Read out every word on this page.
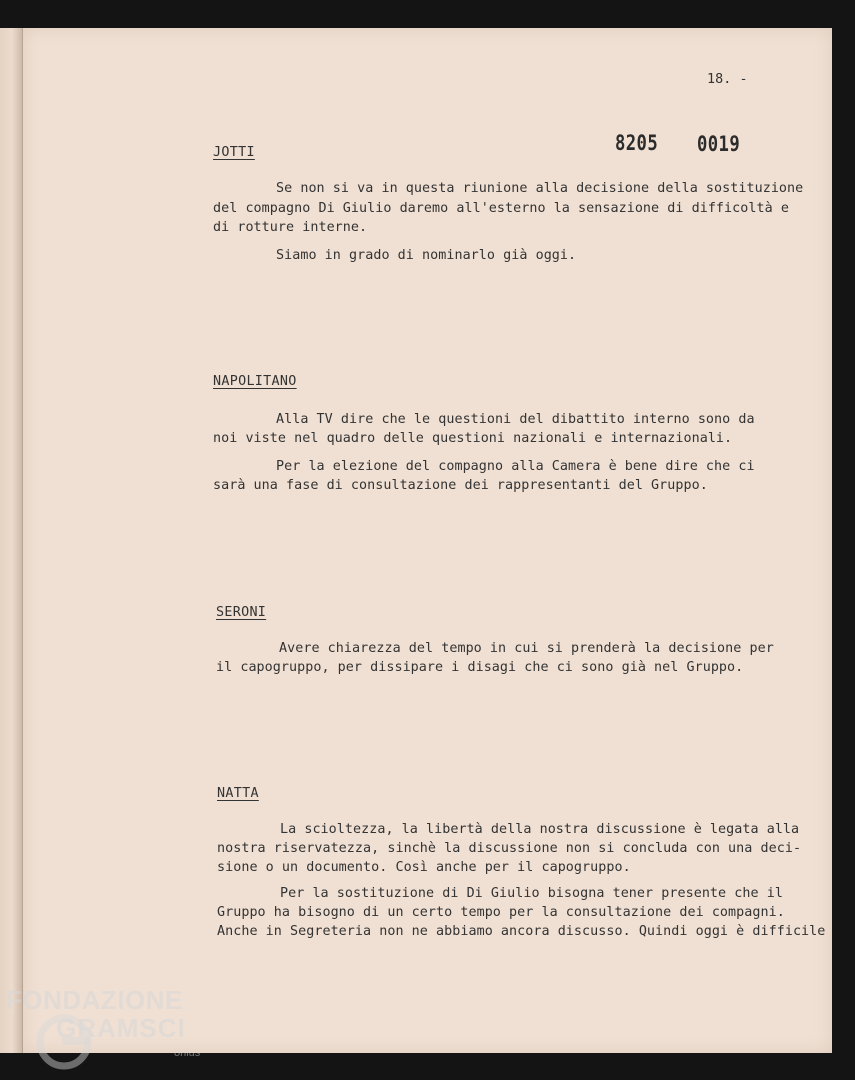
18. -
8205 0019
JOTTI
Se non si va in questa riunione alla decisione della sostituzione
del compagno Di Giulio daremo all'esterno la sensazione di difficoltà e
di rotture interne.
Siamo in grado di nominarlo già oggi.
NAPOLITANO
Alla TV dire che le questioni del dibattito interno sono da
noi viste nel quadro delle questioni nazionali e internazionali.
Per la elezione del compagno alla Camera è bene dire che ci
sarà una fase di consultazione dei rappresentanti del Gruppo.
SERONI
Avere chiarezza del tempo in cui si prenderà la decisione per
il capogruppo, per dissipare i disagi che ci sono già nel Gruppo.
NATTA
La scioltezza, la libertà della nostra discussione è legata alla
nostra riservatezza, sinchè la discussione non si concluda con una deci-
sione o un documento. Così anche per il capogruppo.
Per la sostituzione di Di Giulio bisogna tener presente che il
Gruppo ha bisogno di un certo tempo per la consultazione dei compagni.
Anche in Segreteria non ne abbiamo ancora discusso. Quindi oggi è difficile
FONDAZIONE
GRAMSCI
onlus
